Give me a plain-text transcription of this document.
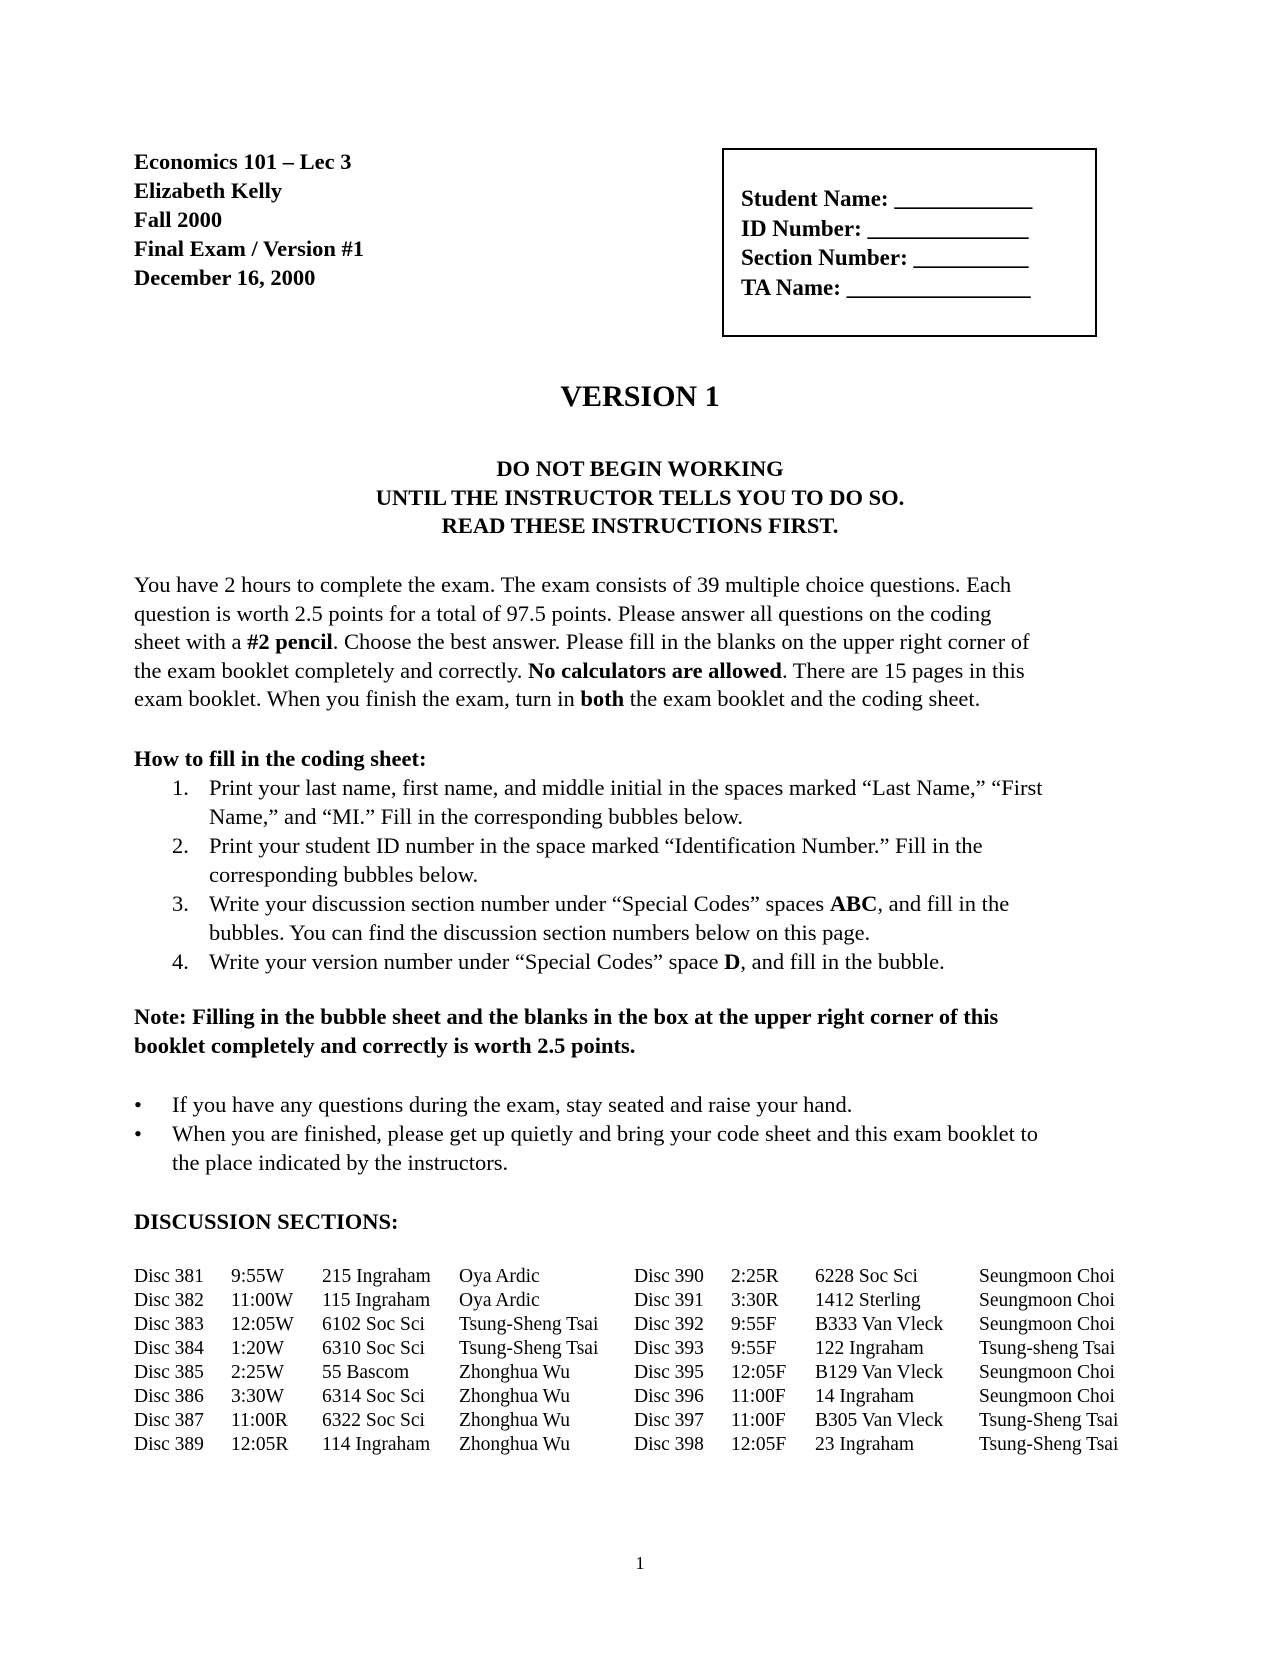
Economics 101 – Lec 3
Elizabeth Kelly
Fall 2000
Final Exam / Version #1
December 16, 2000
Student Name: ____________
ID Number: ______________
Section Number: __________
TA Name: ________________
VERSION 1
DO NOT BEGIN WORKING
UNTIL THE INSTRUCTOR TELLS YOU TO DO SO.
READ THESE INSTRUCTIONS FIRST.
You have 2 hours to complete the exam. The exam consists of 39 multiple choice questions. Each
question is worth 2.5 points for a total of 97.5 points. Please answer all questions on the coding
sheet with a #2 pencil. Choose the best answer. Please fill in the blanks on the upper right corner of
the exam booklet completely and correctly. No calculators are allowed. There are 15 pages in this
exam booklet. When you finish the exam, turn in both the exam booklet and the coding sheet.
How to fill in the coding sheet:
1. Print your last name, first name, and middle initial in the spaces marked “Last Name,” “First
Name,” and “MI.” Fill in the corresponding bubbles below.
2. Print your student ID number in the space marked “Identification Number.” Fill in the
corresponding bubbles below.
3. Write your discussion section number under “Special Codes” spaces ABC, and fill in the
bubbles. You can find the discussion section numbers below on this page.
4. Write your version number under “Special Codes” space D, and fill in the bubble.
Note: Filling in the bubble sheet and the blanks in the box at the upper right corner of this
booklet completely and correctly is worth 2.5 points.
• If you have any questions during the exam, stay seated and raise your hand.
• When you are finished, please get up quietly and bring your code sheet and this exam booklet to
the place indicated by the instructors.
DISCUSSION SECTIONS:
Disc 381 9:55W 215 Ingraham Oya Ardic	Disc 390 2:25R 6228 Soc Sci	Seungmoon Choi
Disc 382 11:00W 115 Ingraham Oya Ardic	Disc 391 3:30R 1412 Sterling	Seungmoon Choi
Disc 383 12:05W 6102 Soc Sci Tsung-Sheng Tsai Disc 392 9:55F B333 Van Vleck Seungmoon Choi
Disc 384 1:20W 6310 Soc Sci Tsung-Sheng Tsai Disc 393 9:55F 122 Ingraham	Tsung-sheng Tsai
Disc 385 2:25W 55 Bascom	Zhonghua Wu	Disc 395 12:05F B129 Van Vleck Seungmoon Choi
Disc 386 3:30W 6314 Soc Sci Zhonghua Wu	Disc 396 11:00F 14 Ingraham	Seungmoon Choi
Disc 387 11:00R 6322 Soc Sci Zhonghua Wu	Disc 397 11:00F B305 Van Vleck Tsung-Sheng Tsai
Disc 389 12:05R 114 Ingraham Zhonghua Wu	Disc 398 12:05F 23 Ingraham	Tsung-Sheng Tsai
1
